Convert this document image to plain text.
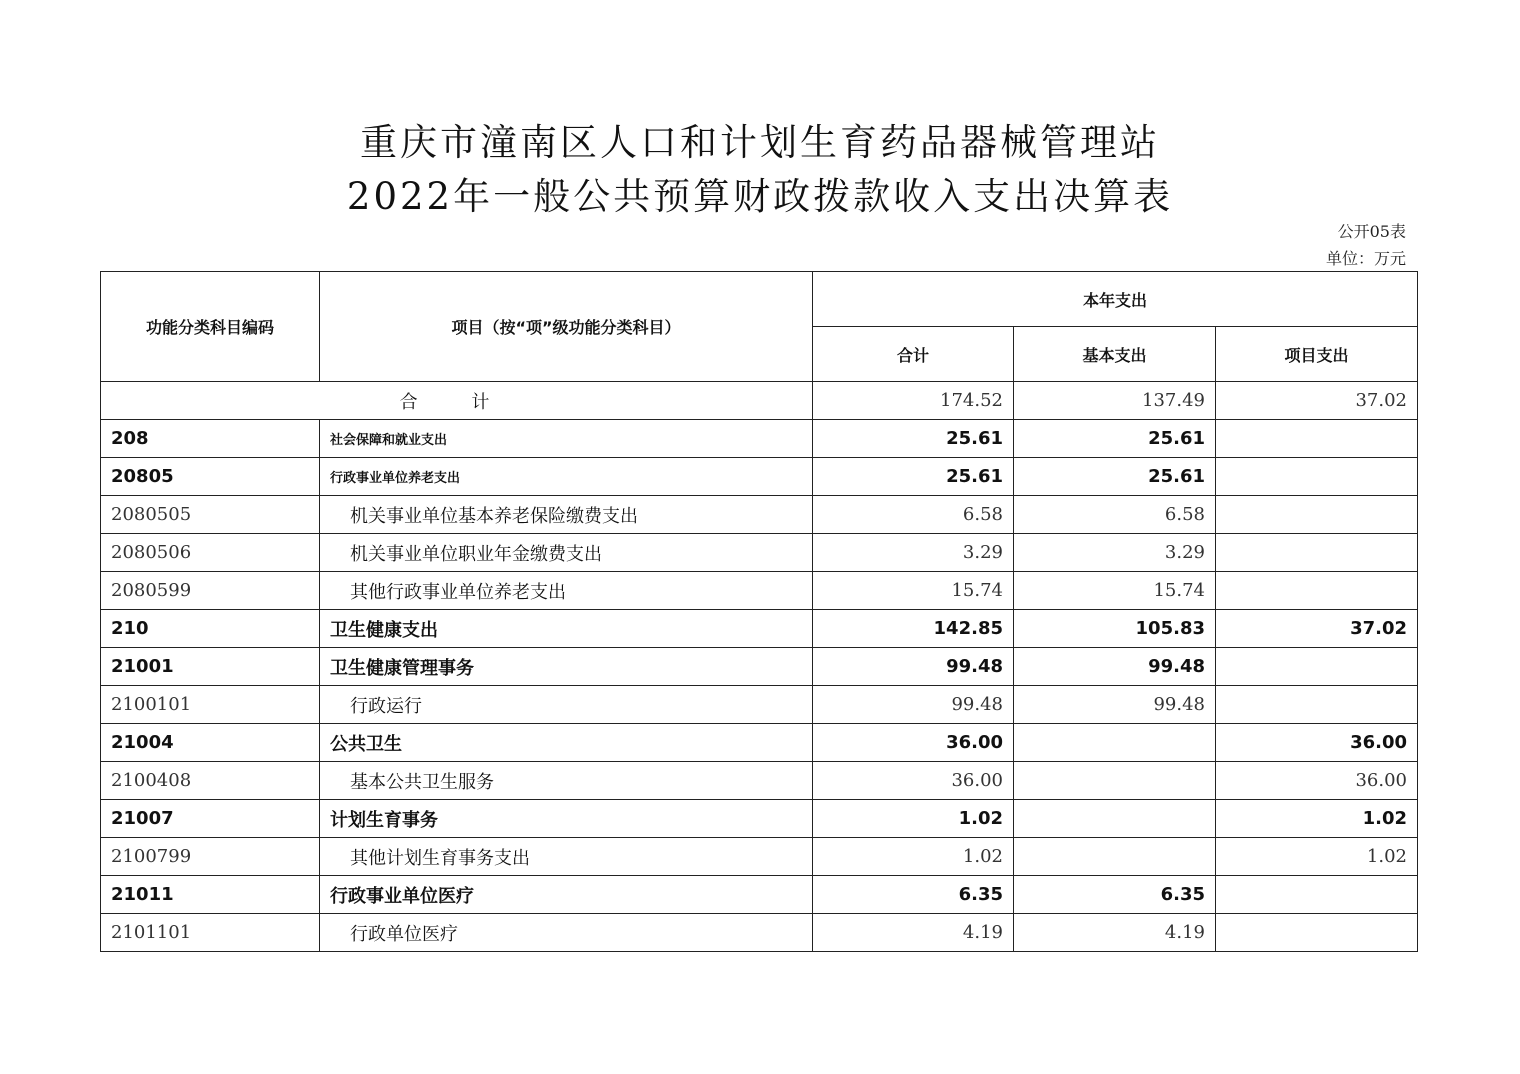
重庆市潼南区人口和计划生育药品器械管理站
2022年一般公共预算财政拨款收入支出决算表
公开05表
单位：万元
功能分类科目编码	项目（按“项”级功能分类科目）	本年支出		
		合计	基本支出	项目支出
合 计		174.52	137.49	37.02
208	社会保障和就业支出	25.61	25.61	
20805	行政事业单位养老支出	25.61	25.61	
2080505	机关事业单位基本养老保险缴费支出	6.58	6.58	
2080506	机关事业单位职业年金缴费支出	3.29	3.29	
2080599	其他行政事业单位养老支出	15.74	15.74	
210	卫生健康支出	142.85	105.83	37.02
21001	卫生健康管理事务	99.48	99.48	
2100101	行政运行	99.48	99.48	
21004	公共卫生	36.00		36.00
2100408	基本公共卫生服务	36.00		36.00
21007	计划生育事务	1.02		1.02
2100799	其他计划生育事务支出	1.02		1.02
21011	行政事业单位医疗	6.35	6.35	
2101101	行政单位医疗	4.19	4.19	
